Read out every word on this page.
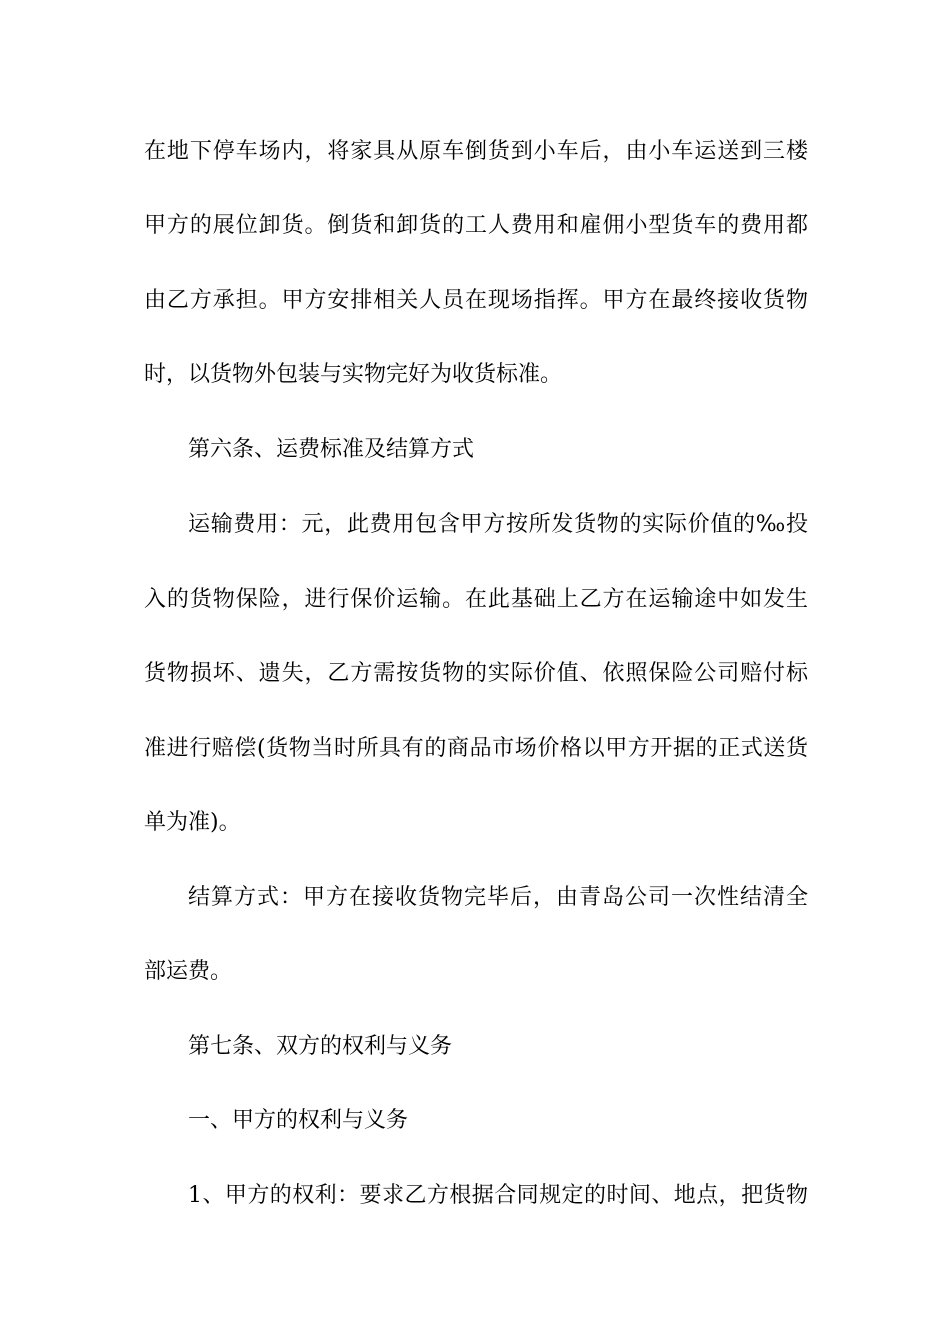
在地下停车场内，将家具从原车倒货到小车后，由小车运送到三楼
甲方的展位卸货。倒货和卸货的工人费用和雇佣小型货车的费用都
由乙方承担。甲方安排相关人员在现场指挥。甲方在最终接收货物
时，以货物外包装与实物完好为收货标准。
第六条、运费标准及结算方式
运输费用：元，此费用包含甲方按所发货物的实际价值的‰投
入的货物保险，进行保价运输。在此基础上乙方在运输途中如发生
货物损坏、遗失，乙方需按货物的实际价值、依照保险公司赔付标
准进行赔偿(货物当时所具有的商品市场价格以甲方开据的正式送货
单为准)。
结算方式：甲方在接收货物完毕后，由青岛公司一次性结清全
部运费。
第七条、双方的权利与义务
一、甲方的权利与义务
1、甲方的权利：要求乙方根据合同规定的时间、地点，把货物
